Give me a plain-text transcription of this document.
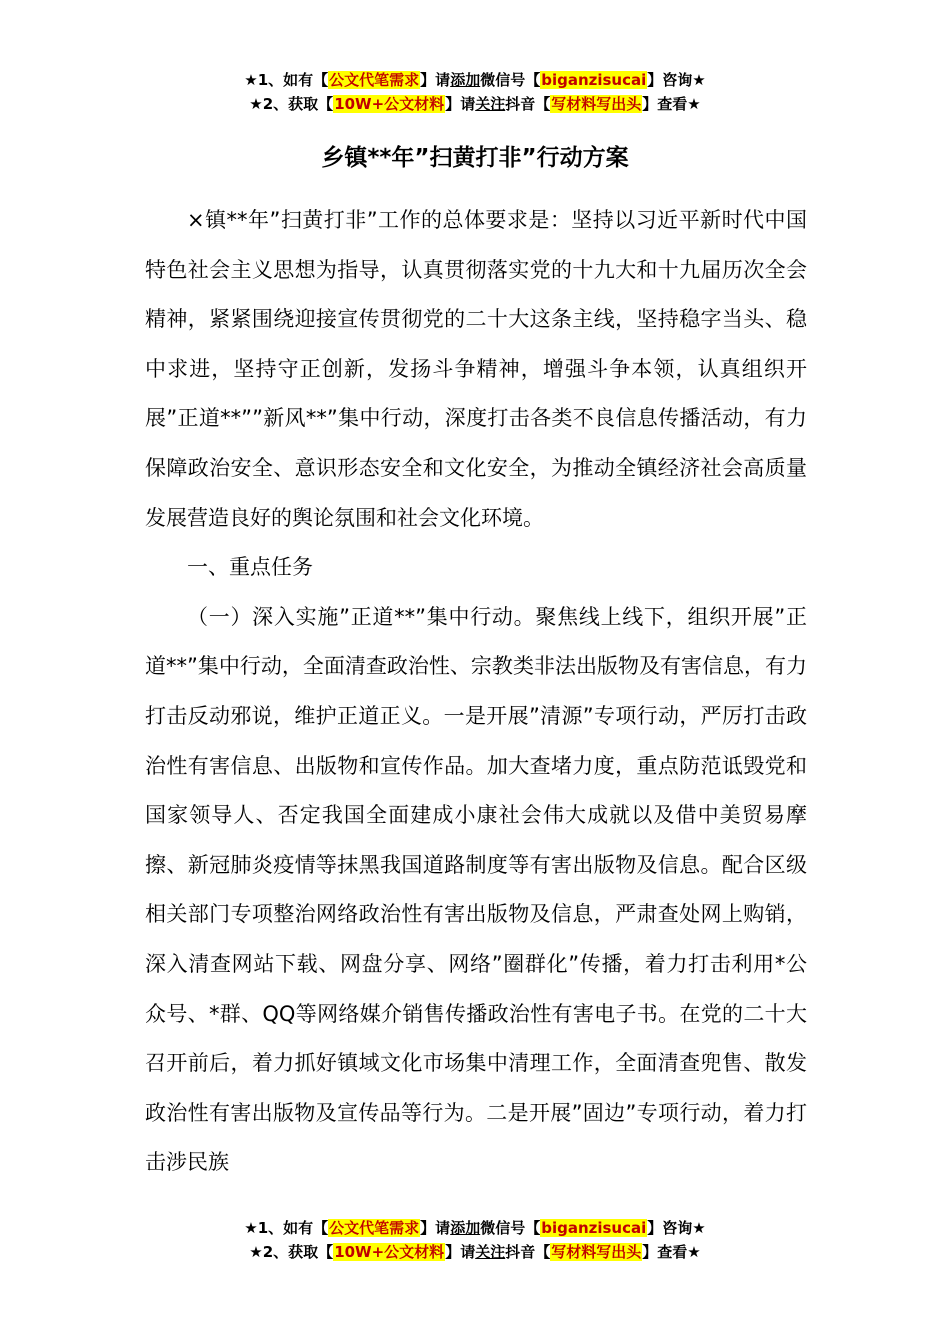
★1、如有【公文代笔需求】请添加微信号【biganzisucai】咨询★
★2、获取【10W+公文材料】请关注抖音【写材料写出头】查看★
乡镇**年”扫黄打非”行动方案

×镇**年”扫黄打非”工作的总体要求是：坚持以习近平新时代中国特色社会主义思想为指导，认真贯彻落实党的十九大和十九届历次全会精神，紧紧围绕迎接宣传贯彻党的二十大这条主线，坚持稳字当头、稳中求进，坚持守正创新，发扬斗争精神，增强斗争本领，认真组织开展”正道**””新风**”集中行动，深度打击各类不良信息传播活动，有力保障政治安全、意识形态安全和文化安全，为推动全镇经济社会高质量发展营造良好的舆论氛围和社会文化环境。

一、重点任务

（一）深入实施”正道**”集中行动。聚焦线上线下，组织开展”正道**”集中行动，全面清查政治性、宗教类非法出版物及有害信息，有力打击反动邪说，维护正道正义。一是开展”清源”专项行动，严厉打击政治性有害信息、出版物和宣传作品。加大查堵力度，重点防范诋毁党和国家领导人、否定我国全面建成小康社会伟大成就以及借中美贸易摩擦、新冠肺炎疫情等抹黑我国道路制度等有害出版物及信息。配合区级相关部门专项整治网络政治性有害出版物及信息，严肃查处网上购销，深入清查网站下载、网盘分享、网络”圈群化”传播，着力打击利用*公众号、*群、QQ等网络媒介销售传播政治性有害电子书。在党的二十大召开前后，着力抓好镇域文化市场集中清理工作，全面清查兜售、散发政治性有害出版物及宣传品等行为。二是开展”固边”专项行动，着力打击涉民族

★1、如有【公文代笔需求】请添加微信号【biganzisucai】咨询★
★2、获取【10W+公文材料】请关注抖音【写材料写出头】查看★
